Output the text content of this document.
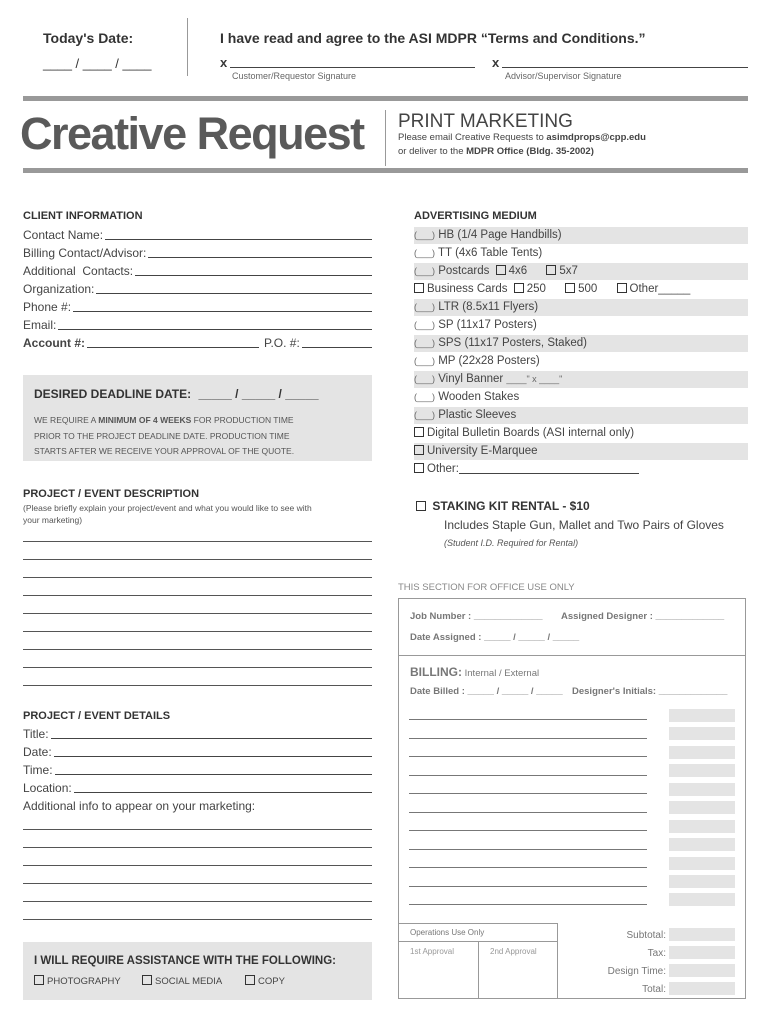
Today's Date:
____ / ____ / ____
I have read and agree to the ASI MDPR “Terms and Conditions.”
x
Customer/Requestor Signature
x
Advisor/Supervisor Signature
Creative Request PRINT MARKETING
Please email Creative Requests to asimdprops@cpp.edu
or deliver to the MDPR Office (Bldg. 35-2002)
CLIENT INFORMATION
Contact Name:
Billing Contact/Advisor:
Additional  Contacts:
Organization:
Phone #:
Email:
Account #:	P.O. #:
DESIRED DEADLINE DATE: _____ / _____ / _____
WE REQUIRE A MINIMUM OF 4 WEEKS FOR PRODUCTION TIME
PRIOR TO THE PROJECT DEADLINE DATE. PRODUCTION TIME
STARTS AFTER WE RECEIVE YOUR APPROVAL OF THE QUOTE.
PROJECT / EVENT DESCRIPTION
(Please briefly explain your project/event and what you would like to see with
your marketing)
PROJECT / EVENT DETAILS
Title:
Date:
Time:
Location:
Additional info to appear on your marketing:
I WILL REQUIRE ASSISTANCE WITH THE FOLLOWING:
PHOTOGRAPHY	SOCIAL MEDIA	COPY
ADVERTISING MEDIUM
(___) HB (1/4 Page Handbills)
(___) TT (4x6 Table Tents)
(___) Postcards 4x6	5x7
Business Cards 250	500	Other_____
(___) LTR (8.5x11 Flyers)
(___) SP (11x17 Posters)
(___) SPS (11x17 Posters, Staked)
(___) MP (22x28 Posters)
(___) Vinyl Banner ____" x ____"
(___) Wooden Stakes
(___) Plastic Sleeves
Digital Bulletin Boards (ASI internal only)
University E-Marquee
Other:
STAKING KIT RENTAL - $10
Includes Staple Gun, Mallet and Two Pairs of Gloves
(Student I.D. Required for Rental)
THIS SECTION FOR OFFICE USE ONLY
Job Number : _____________ Assigned Designer : _____________
Date Assigned : _____ / _____ / _____
BILLING: Internal / External
Date Billed : _____ / _____ / _____ Designer's Initials: _____________
Operations Use Only
1st Approval	2nd Approval
Subtotal:
Tax:
Design Time:
Total:
